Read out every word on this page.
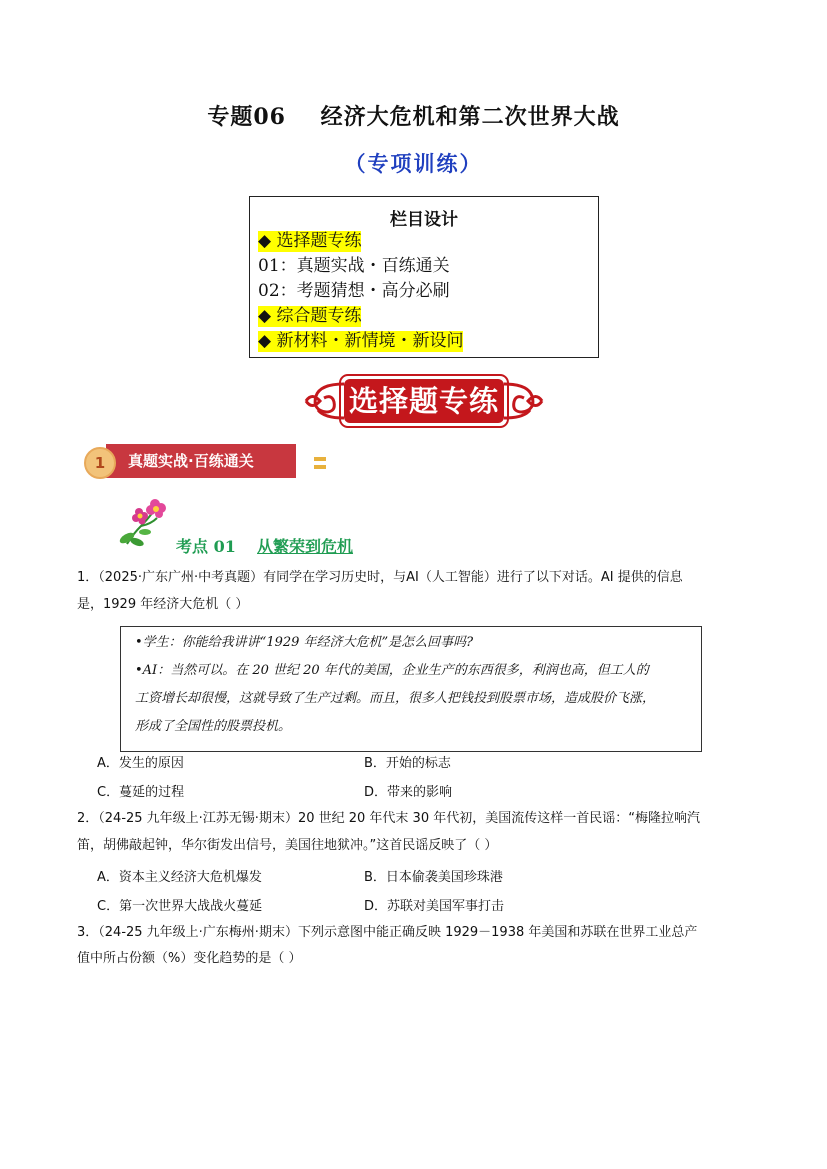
专题06    经济大危机和第二次世界大战
（专项训练）
栏目设计
◆ 选择题专练
01：真题实战・百练通关
02：考题猜想・高分必刷
◆ 综合题专练
◆ 新材料・新情境・新设问
选择题专练
真题实战·百练通关
1
考点 01 从繁荣到危机
1．（2025·广东广州·中考真题）有同学在学习历史时，与AI（人工智能）进行了以下对话。AI 提供的信息
是，1929 年经济大危机（ ）
•学生：你能给我讲讲“1929 年经济大危机”是怎么回事吗?
•AI：当然可以。在 20 世纪 20 年代的美国，企业生产的东西很多，利润也高，但工人的
工资增长却很慢，这就导致了生产过剩。而且，很多人把钱投到股票市场，造成股价飞涨，
形成了全国性的股票投机。
A．发生的原因	B．开始的标志
C．蔓延的过程	D．带来的影响
2．（24-25 九年级上·江苏无锡·期末）20 世纪 20 年代末 30 年代初，美国流传这样一首民谣：“梅隆拉响汽
笛，胡佛敲起钟，华尔街发出信号，美国往地狱冲。”这首民谣反映了（ ）
A．资本主义经济大危机爆发	B．日本偷袭美国珍珠港
C．第一次世界大战战火蔓延	D．苏联对美国军事打击
3．（24-25 九年级上·广东梅州·期末）下列示意图中能正确反映 1929－1938 年美国和苏联在世界工业总产
值中所占份额（%）变化趋势的是（ ）
